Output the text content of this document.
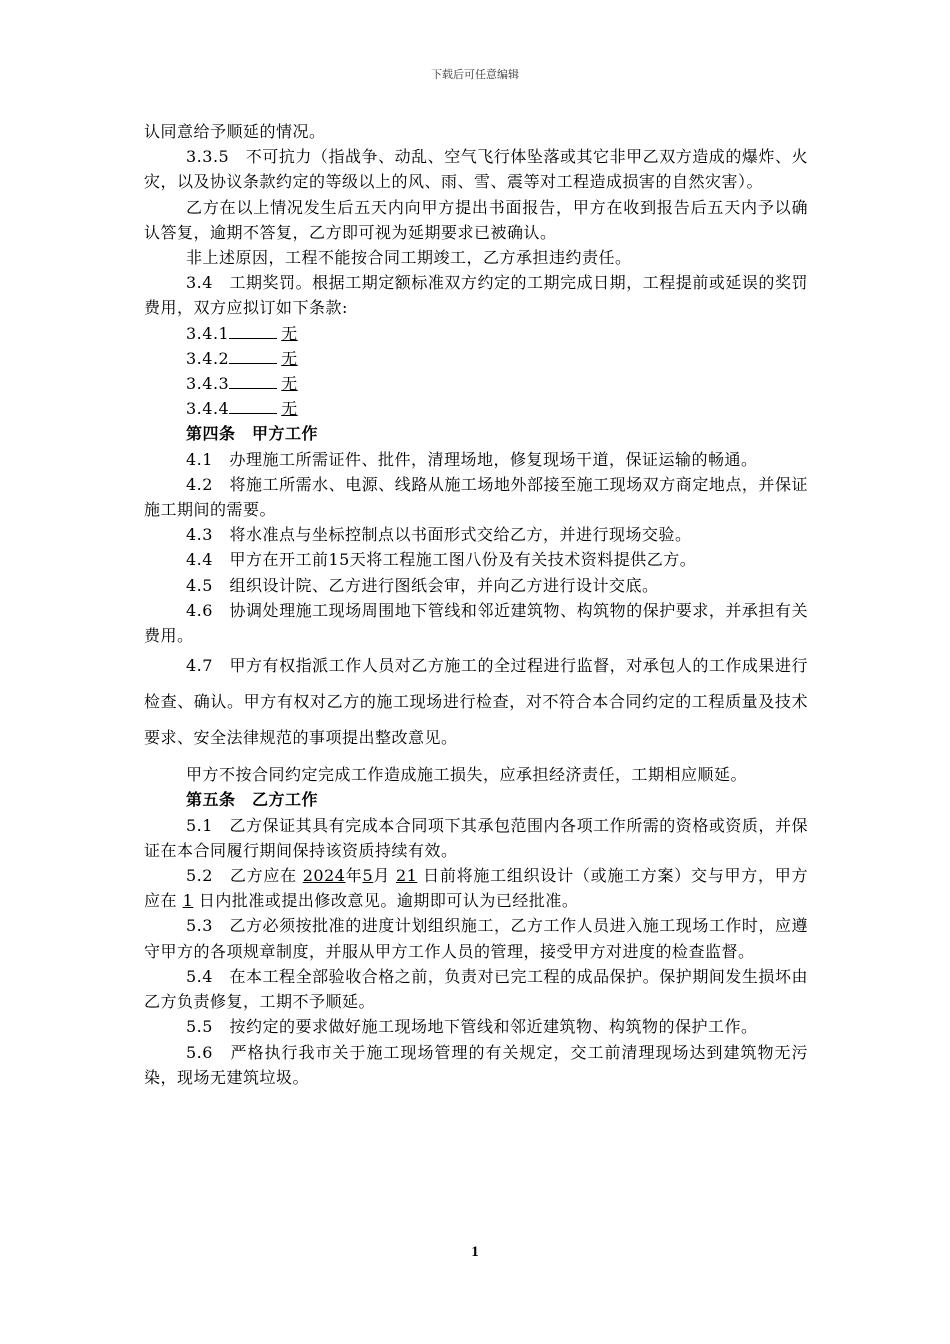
下载后可任意编辑

认同意给予顺延的情况。

3.3.5　不可抗力（指战争、动乱、空气飞行体坠落或其它非甲乙双方造成的爆炸、火灾，以及协议条款约定的等级以上的风、雨、雪、震等对工程造成损害的自然灾害）。

乙方在以上情况发生后五天内向甲方提出书面报告，甲方在收到报告后五天内予以确认答复，逾期不答复，乙方即可视为延期要求已被确认。

非上述原因，工程不能按合同工期竣工，乙方承担违约责任。

3.4　工期奖罚。根据工期定额标准双方约定的工期完成日期，工程提前或延误的奖罚费用，双方应拟订如下条款:

3.4.1	无

3.4.2	无

3.4.3	无

3.4.4	无

第四条　甲方工作

4.1　办理施工所需证件、批件，清理场地，修复现场干道，保证运输的畅通。

4.2　将施工所需水、电源、线路从施工场地外部接至施工现场双方商定地点，并保证施工期间的需要。

4.3　将水准点与坐标控制点以书面形式交给乙方，并进行现场交验。

4.4　甲方在开工前15天将工程施工图八份及有关技术资料提供乙方。

4.5　组织设计院、乙方进行图纸会审，并向乙方进行设计交底。

4.6　协调处理施工现场周围地下管线和邻近建筑物、构筑物的保护要求，并承担有关费用。

4.7　甲方有权指派工作人员对乙方施工的全过程进行监督，对承包人的工作成果进行检查、确认。甲方有权对乙方的施工现场进行检查，对不符合本合同约定的工程质量及技术要求、安全法律规范的事项提出整改意见。

甲方不按合同约定完成工作造成施工损失，应承担经济责任，工期相应顺延。

第五条　乙方工作

5.1　乙方保证其具有完成本合同项下其承包范围内各项工作所需的资格或资质，并保证在本合同履行期间保持该资质持续有效。

5.2　乙方应在 2024年5月 21 日前将施工组织设计（或施工方案）交与甲方，甲方应在 1 日内批准或提出修改意见。逾期即可认为已经批准。

5.3　乙方必须按批准的进度计划组织施工，乙方工作人员进入施工现场工作时，应遵守甲方的各项规章制度，并服从甲方工作人员的管理，接受甲方对进度的检查监督。

5.4　在本工程全部验收合格之前，负责对已完工程的成品保护。保护期间发生损坏由乙方负责修复，工期不予顺延。

5.5　按约定的要求做好施工现场地下管线和邻近建筑物、构筑物的保护工作。

5.6　严格执行我市关于施工现场管理的有关规定，交工前清理现场达到建筑物无污染，现场无建筑垃圾。

1
